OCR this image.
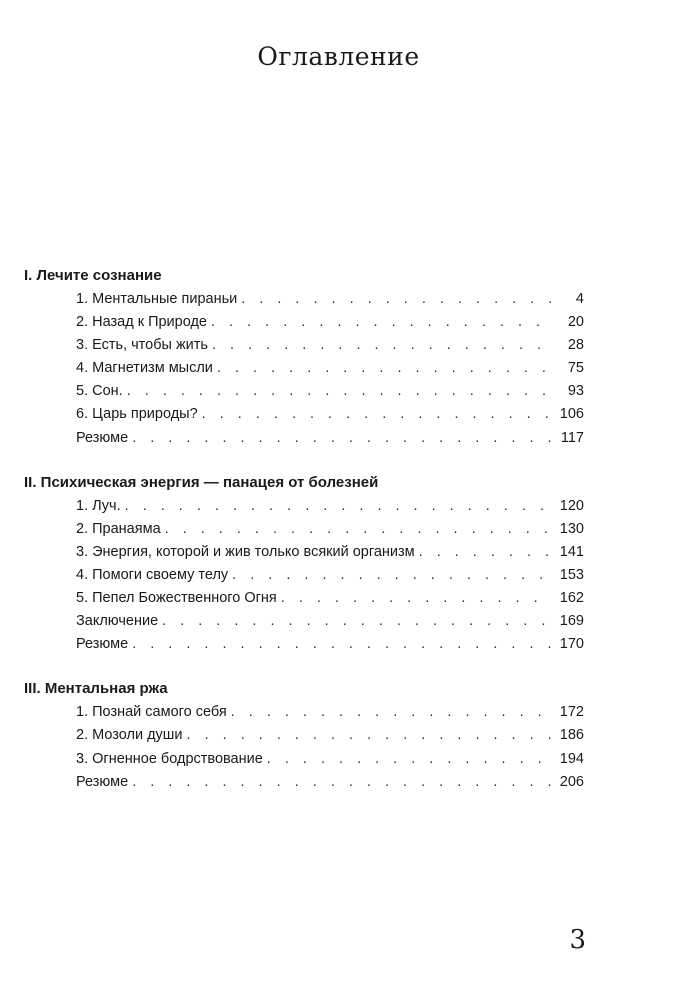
Оглавление
I. Лечите сознание
1. Ментальные пираньи . . .	4
2. Назад к Природе . . .	20
3. Есть, чтобы жить . . .	28
4. Магнетизм мысли . . .	75
5. Сон. . . .	93
6. Царь природы? . . .	106
Резюме . . .	117
II. Психическая энергия — панацея от болезней
1. Луч. . . .	120
2. Пранаяма . . .	130
3. Энергия, которой и жив только всякий организм . . .	141
4. Помоги своему телу . . .	153
5. Пепел Божественного Огня . . .	162
Заключение . . .	169
Резюме . . .	170
III. Ментальная ржа
1. Познай самого себя . . .	172
2. Мозоли души . . .	186
3. Огненное бодрствование . . .	194
Резюме . . .	206
3
